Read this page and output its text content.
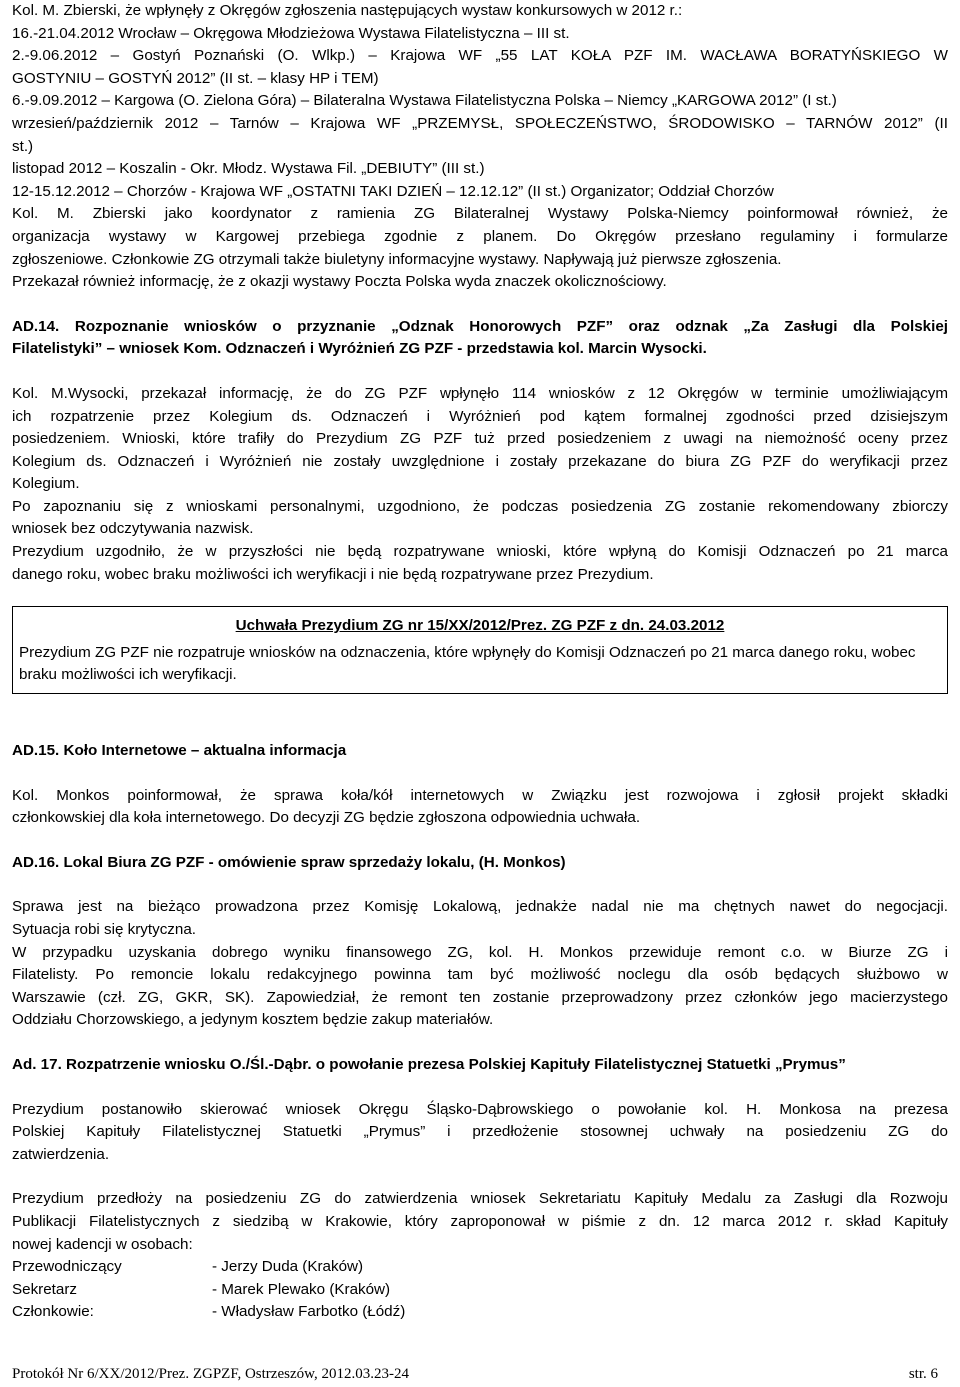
Kol. M. Zbierski, że wpłynęły z Okręgów zgłoszenia następujących wystaw konkursowych w 2012 r.:
16.-21.04.2012 Wrocław – Okręgowa Młodzieżowa Wystawa Filatelistyczna – III st.
2.-9.06.2012 – Gostyń Poznański (O. Wlkp.) – Krajowa WF „55 LAT KOŁA PZF IM. WACŁAWA BORATYŃSKIEGO W
GOSTYNIU – GOSTYŃ 2012” (II st. – klasy HP i TEM)
6.-9.09.2012 – Kargowa (O. Zielona Góra) – Bilateralna Wystawa Filatelistyczna Polska – Niemcy „KARGOWA 2012” (I st.)
wrzesień/październik 2012 – Tarnów – Krajowa WF „PRZEMYSŁ, SPOŁECZEŃSTWO, ŚRODOWISKO – TARNÓW 2012” (II
st.)
listopad 2012 – Koszalin - Okr. Młodz. Wystawa Fil. „DEBIUTY” (III st.)
12-15.12.2012 – Chorzów - Krajowa WF „OSTATNI TAKI DZIEŃ – 12.12.12” (II st.) Organizator; Oddział Chorzów
Kol. M. Zbierski jako koordynator z ramienia ZG Bilateralnej Wystawy Polska-Niemcy poinformował również, że
organizacja wystawy w Kargowej przebiega zgodnie z planem. Do Okręgów przesłano regulaminy i formularze
zgłoszeniowe. Członkowie ZG otrzymali także biuletyny informacyjne wystawy. Napływają już pierwsze zgłoszenia.
Przekazał również informację, że z okazji wystawy Poczta Polska wyda znaczek okolicznościowy.
AD.14. Rozpoznanie wniosków o przyznanie „Odznak Honorowych PZF” oraz odznak „Za Zasługi dla Polskiej
Filatelistyki” – wniosek Kom. Odznaczeń i Wyróżnień ZG PZF - przedstawia kol. Marcin Wysocki.
Kol. M.Wysocki, przekazał informację, że do ZG PZF wpłynęło 114 wniosków z 12 Okręgów w terminie umożliwiającym
ich rozpatrzenie przez Kolegium ds. Odznaczeń i Wyróżnień pod kątem formalnej zgodności przed dzisiejszym
posiedzeniem. Wnioski, które trafiły do Prezydium ZG PZF tuż przed posiedzeniem z uwagi na niemożność oceny przez
Kolegium ds. Odznaczeń i Wyróżnień nie zostały uwzględnione i zostały przekazane do biura ZG PZF do weryfikacji przez
Kolegium.
Po zapoznaniu się z wnioskami personalnymi, uzgodniono, że podczas posiedzenia ZG zostanie rekomendowany zbiorczy
wniosek bez odczytywania nazwisk.
Prezydium uzgodniło, że w przyszłości nie będą rozpatrywane wnioski, które wpłyną do Komisji Odznaczeń po 21 marca
danego roku, wobec braku możliwości ich weryfikacji i nie będą rozpatrywane przez Prezydium.
Uchwała Prezydium ZG nr 15/XX/2012/Prez. ZG PZF z dn. 24.03.2012
Prezydium ZG PZF nie rozpatruje wniosków na odznaczenia, które wpłynęły do Komisji Odznaczeń po 21 marca danego roku, wobec braku możliwości ich weryfikacji.
AD.15. Koło Internetowe – aktualna informacja
Kol. Monkos poinformował, że sprawa koła/kół internetowych w Związku jest rozwojowa i zgłosił projekt składki
członkowskiej dla koła internetowego. Do decyzji ZG będzie zgłoszona odpowiednia uchwała.
AD.16. Lokal Biura ZG PZF - omówienie spraw sprzedaży lokalu, (H. Monkos)
Sprawa jest na bieżąco prowadzona przez Komisję Lokalową, jednakże nadal nie ma chętnych nawet do negocjacji.
Sytuacja robi się krytyczna.
W przypadku uzyskania dobrego wyniku finansowego ZG, kol. H. Monkos przewiduje remont c.o. w Biurze ZG i
Filatelisty. Po remoncie lokalu redakcyjnego powinna tam być możliwość noclegu dla osób będących służbowo w
Warszawie (czł. ZG, GKR, SK). Zapowiedział, że remont ten zostanie przeprowadzony przez członków jego macierzystego
Oddziału Chorzowskiego, a jedynym kosztem będzie zakup materiałów.
Ad. 17. Rozpatrzenie wniosku O./Śl.-Dąbr. o powołanie prezesa Polskiej Kapituły Filatelistycznej Statuetki „Prymus”
Prezydium postanowiło skierować wniosek Okręgu Śląsko-Dąbrowskiego o powołanie kol. H. Monkosa na prezesa
Polskiej Kapituły Filatelistycznej Statuetki „Prymus” i przedłożenie stosownej uchwały na posiedzeniu ZG do
zatwierdzenia.
Prezydium przedłoży na posiedzeniu ZG do zatwierdzenia wniosek Sekretariatu Kapituły Medalu za Zasługi dla Rozwoju
Publikacji Filatelistycznych z siedzibą w Krakowie, który zaproponował w piśmie z dn. 12 marca 2012 r. skład Kapituły
nowej kadencji w osobach:
Przewodniczący	- Jerzy Duda (Kraków)
Sekretarz	- Marek Plewako (Kraków)
Członkowie:	- Władysław Farbotko (Łódź)
Protokół Nr 6/XX/2012/Prez. ZGPZF, Ostrzeszów, 2012.03.23-24	str. 6
